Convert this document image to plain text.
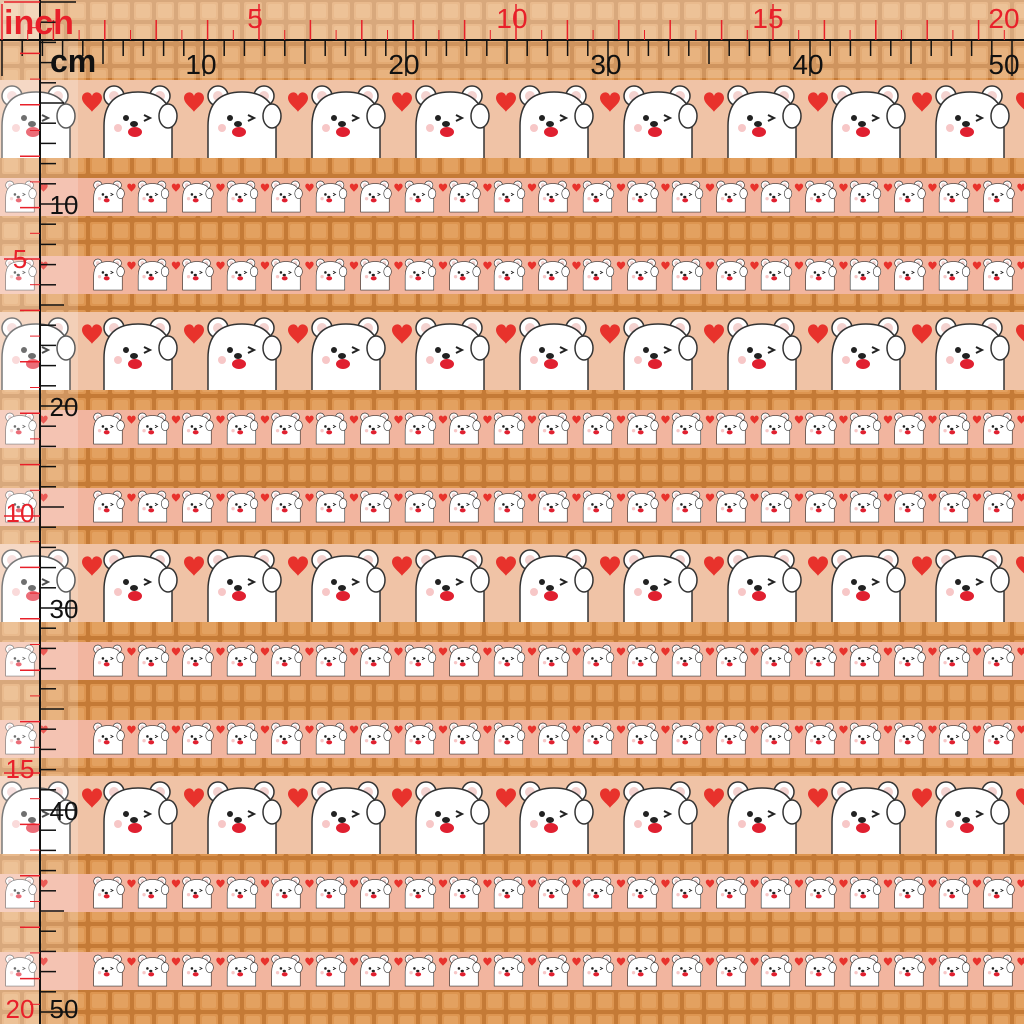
5	10	15	20
10	20	30	40	50
5
10
15
20
10
20
30
40
50
inch
cm
